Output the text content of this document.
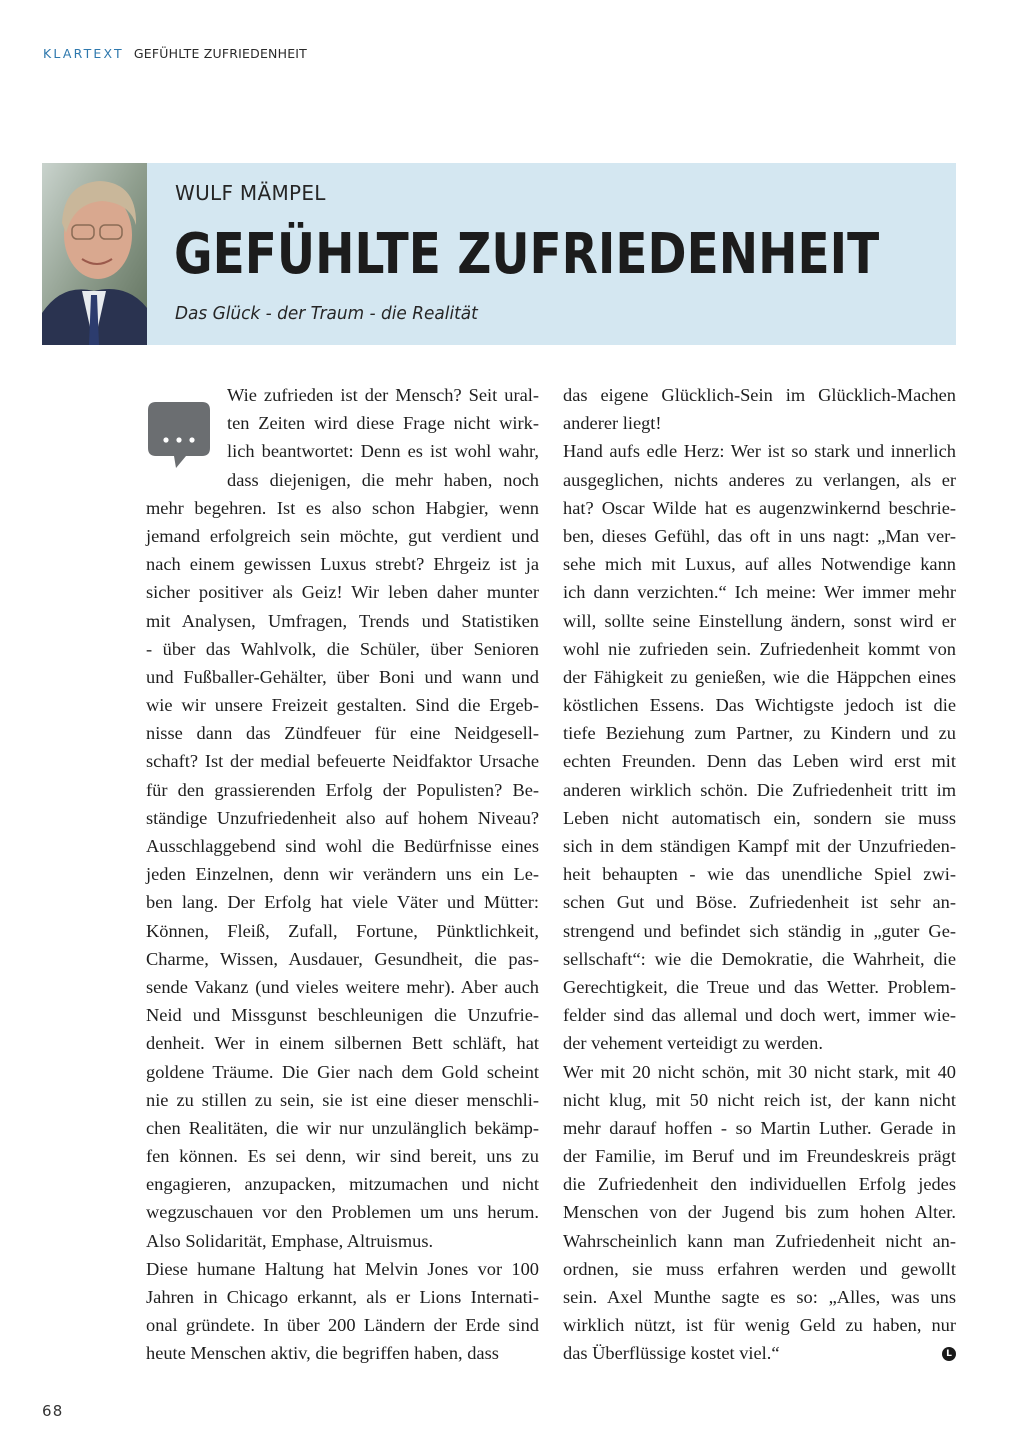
KLARTEXT GEFÜHLTE ZUFRIEDENHEIT
WULF MÄMPEL
GEFÜHLTE ZUFRIEDENHEIT
Das Glück - der Traum - die Realität
Wie zufrieden ist der Mensch? Seit ural-
ten Zeiten wird diese Frage nicht wirk-
lich beantwortet: Denn es ist wohl wahr,
dass diejenigen, die mehr haben, noch
mehr begehren. Ist es also schon Habgier, wenn
jemand erfolgreich sein möchte, gut verdient und
nach einem gewissen Luxus strebt? Ehrgeiz ist ja
sicher positiver als Geiz! Wir leben daher munter
mit Analysen, Umfragen, Trends und Statistiken
- über das Wahlvolk, die Schüler, über Senioren
und Fußballer-Gehälter, über Boni und wann und
wie wir unsere Freizeit gestalten. Sind die Ergeb-
nisse dann das Zündfeuer für eine Neidgesell-
schaft? Ist der medial befeuerte Neidfaktor Ursache
für den grassierenden Erfolg der Populisten? Be-
ständige Unzufriedenheit also auf hohem Niveau?
Ausschlaggebend sind wohl die Bedürfnisse eines
jeden Einzelnen, denn wir verändern uns ein Le-
ben lang. Der Erfolg hat viele Väter und Mütter:
Können, Fleiß, Zufall, Fortune, Pünktlichkeit,
Charme, Wissen, Ausdauer, Gesundheit, die pas-
sende Vakanz (und vieles weitere mehr). Aber auch
Neid und Missgunst beschleunigen die Unzufrie-
denheit. Wer in einem silbernen Bett schläft, hat
goldene Träume. Die Gier nach dem Gold scheint
nie zu stillen zu sein, sie ist eine dieser menschli-
chen Realitäten, die wir nur unzulänglich bekämp-
fen können. Es sei denn, wir sind bereit, uns zu
engagieren, anzupacken, mitzumachen und nicht
wegzuschauen vor den Problemen um uns herum.
Also Solidarität, Emphase, Altruismus.
Diese humane Haltung hat Melvin Jones vor 100
Jahren in Chicago erkannt, als er Lions Internati-
onal gründete. In über 200 Ländern der Erde sind
heute Menschen aktiv, die begriffen haben, dass
das eigene Glücklich-Sein im Glücklich-Machen
anderer liegt!
Hand aufs edle Herz: Wer ist so stark und innerlich
ausgeglichen, nichts anderes zu verlangen, als er
hat? Oscar Wilde hat es augenzwinkernd beschrie-
ben, dieses Gefühl, das oft in uns nagt: „Man ver-
sehe mich mit Luxus, auf alles Notwendige kann
ich dann verzichten.“ Ich meine: Wer immer mehr
will, sollte seine Einstellung ändern, sonst wird er
wohl nie zufrieden sein. Zufriedenheit kommt von
der Fähigkeit zu genießen, wie die Häppchen eines
köstlichen Essens. Das Wichtigste jedoch ist die
tiefe Beziehung zum Partner, zu Kindern und zu
echten Freunden. Denn das Leben wird erst mit
anderen wirklich schön. Die Zufriedenheit tritt im
Leben nicht automatisch ein, sondern sie muss
sich in dem ständigen Kampf mit der Unzufrieden-
heit behaupten - wie das unendliche Spiel zwi-
schen Gut und Böse. Zufriedenheit ist sehr an-
strengend und befindet sich ständig in „guter Ge-
sellschaft“: wie die Demokratie, die Wahrheit, die
Gerechtigkeit, die Treue und das Wetter. Problem-
felder sind das allemal und doch wert, immer wie-
der vehement verteidigt zu werden.
Wer mit 20 nicht schön, mit 30 nicht stark, mit 40
nicht klug, mit 50 nicht reich ist, der kann nicht
mehr darauf hoffen - so Martin Luther. Gerade in
der Familie, im Beruf und im Freundeskreis prägt
die Zufriedenheit den individuellen Erfolg jedes
Menschen von der Jugend bis zum hohen Alter.
Wahrscheinlich kann man Zufriedenheit nicht an-
ordnen, sie muss erfahren werden und gewollt
sein. Axel Munthe sagte es so: „Alles, was uns
wirklich nützt, ist für wenig Geld zu haben, nur
das Überflüssige kostet viel.“	L
68
